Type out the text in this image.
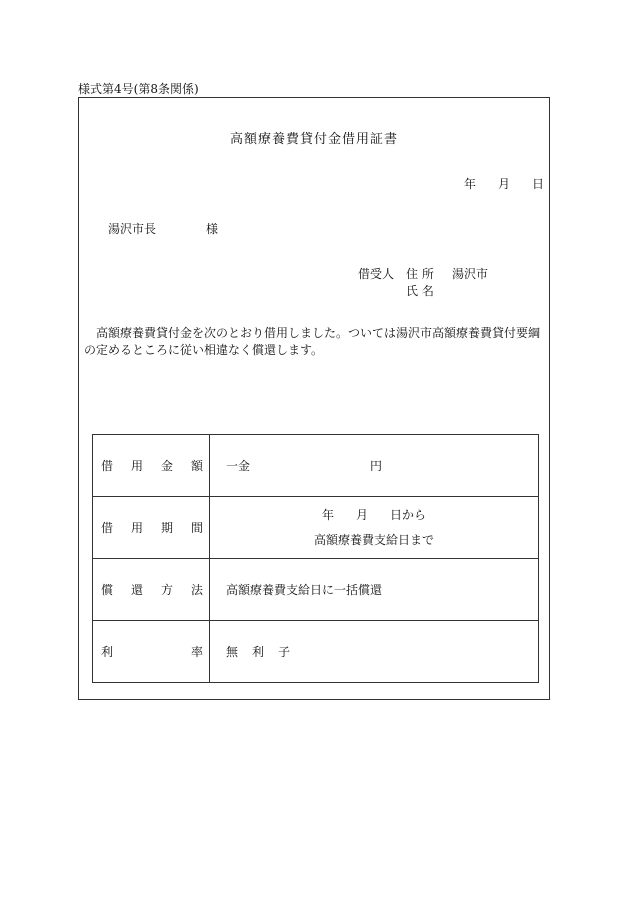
様式第4号(第8条関係)
高額療養費貸付金借用証書
年 月 日
湯沢市長	様
借受人 住 所 湯沢市
氏 名
高額療養費貸付金を次のとおり借用しました。ついては湯沢市高額療養費貸付要綱の定めるところに従い相違なく償還します。
借 用 金 額	一金 円

借 用 期 間	年 月 日から
高額療養費支給日まで

償 還 方 法	高額療養費支給日に一括償還

利 率	無 利 子
